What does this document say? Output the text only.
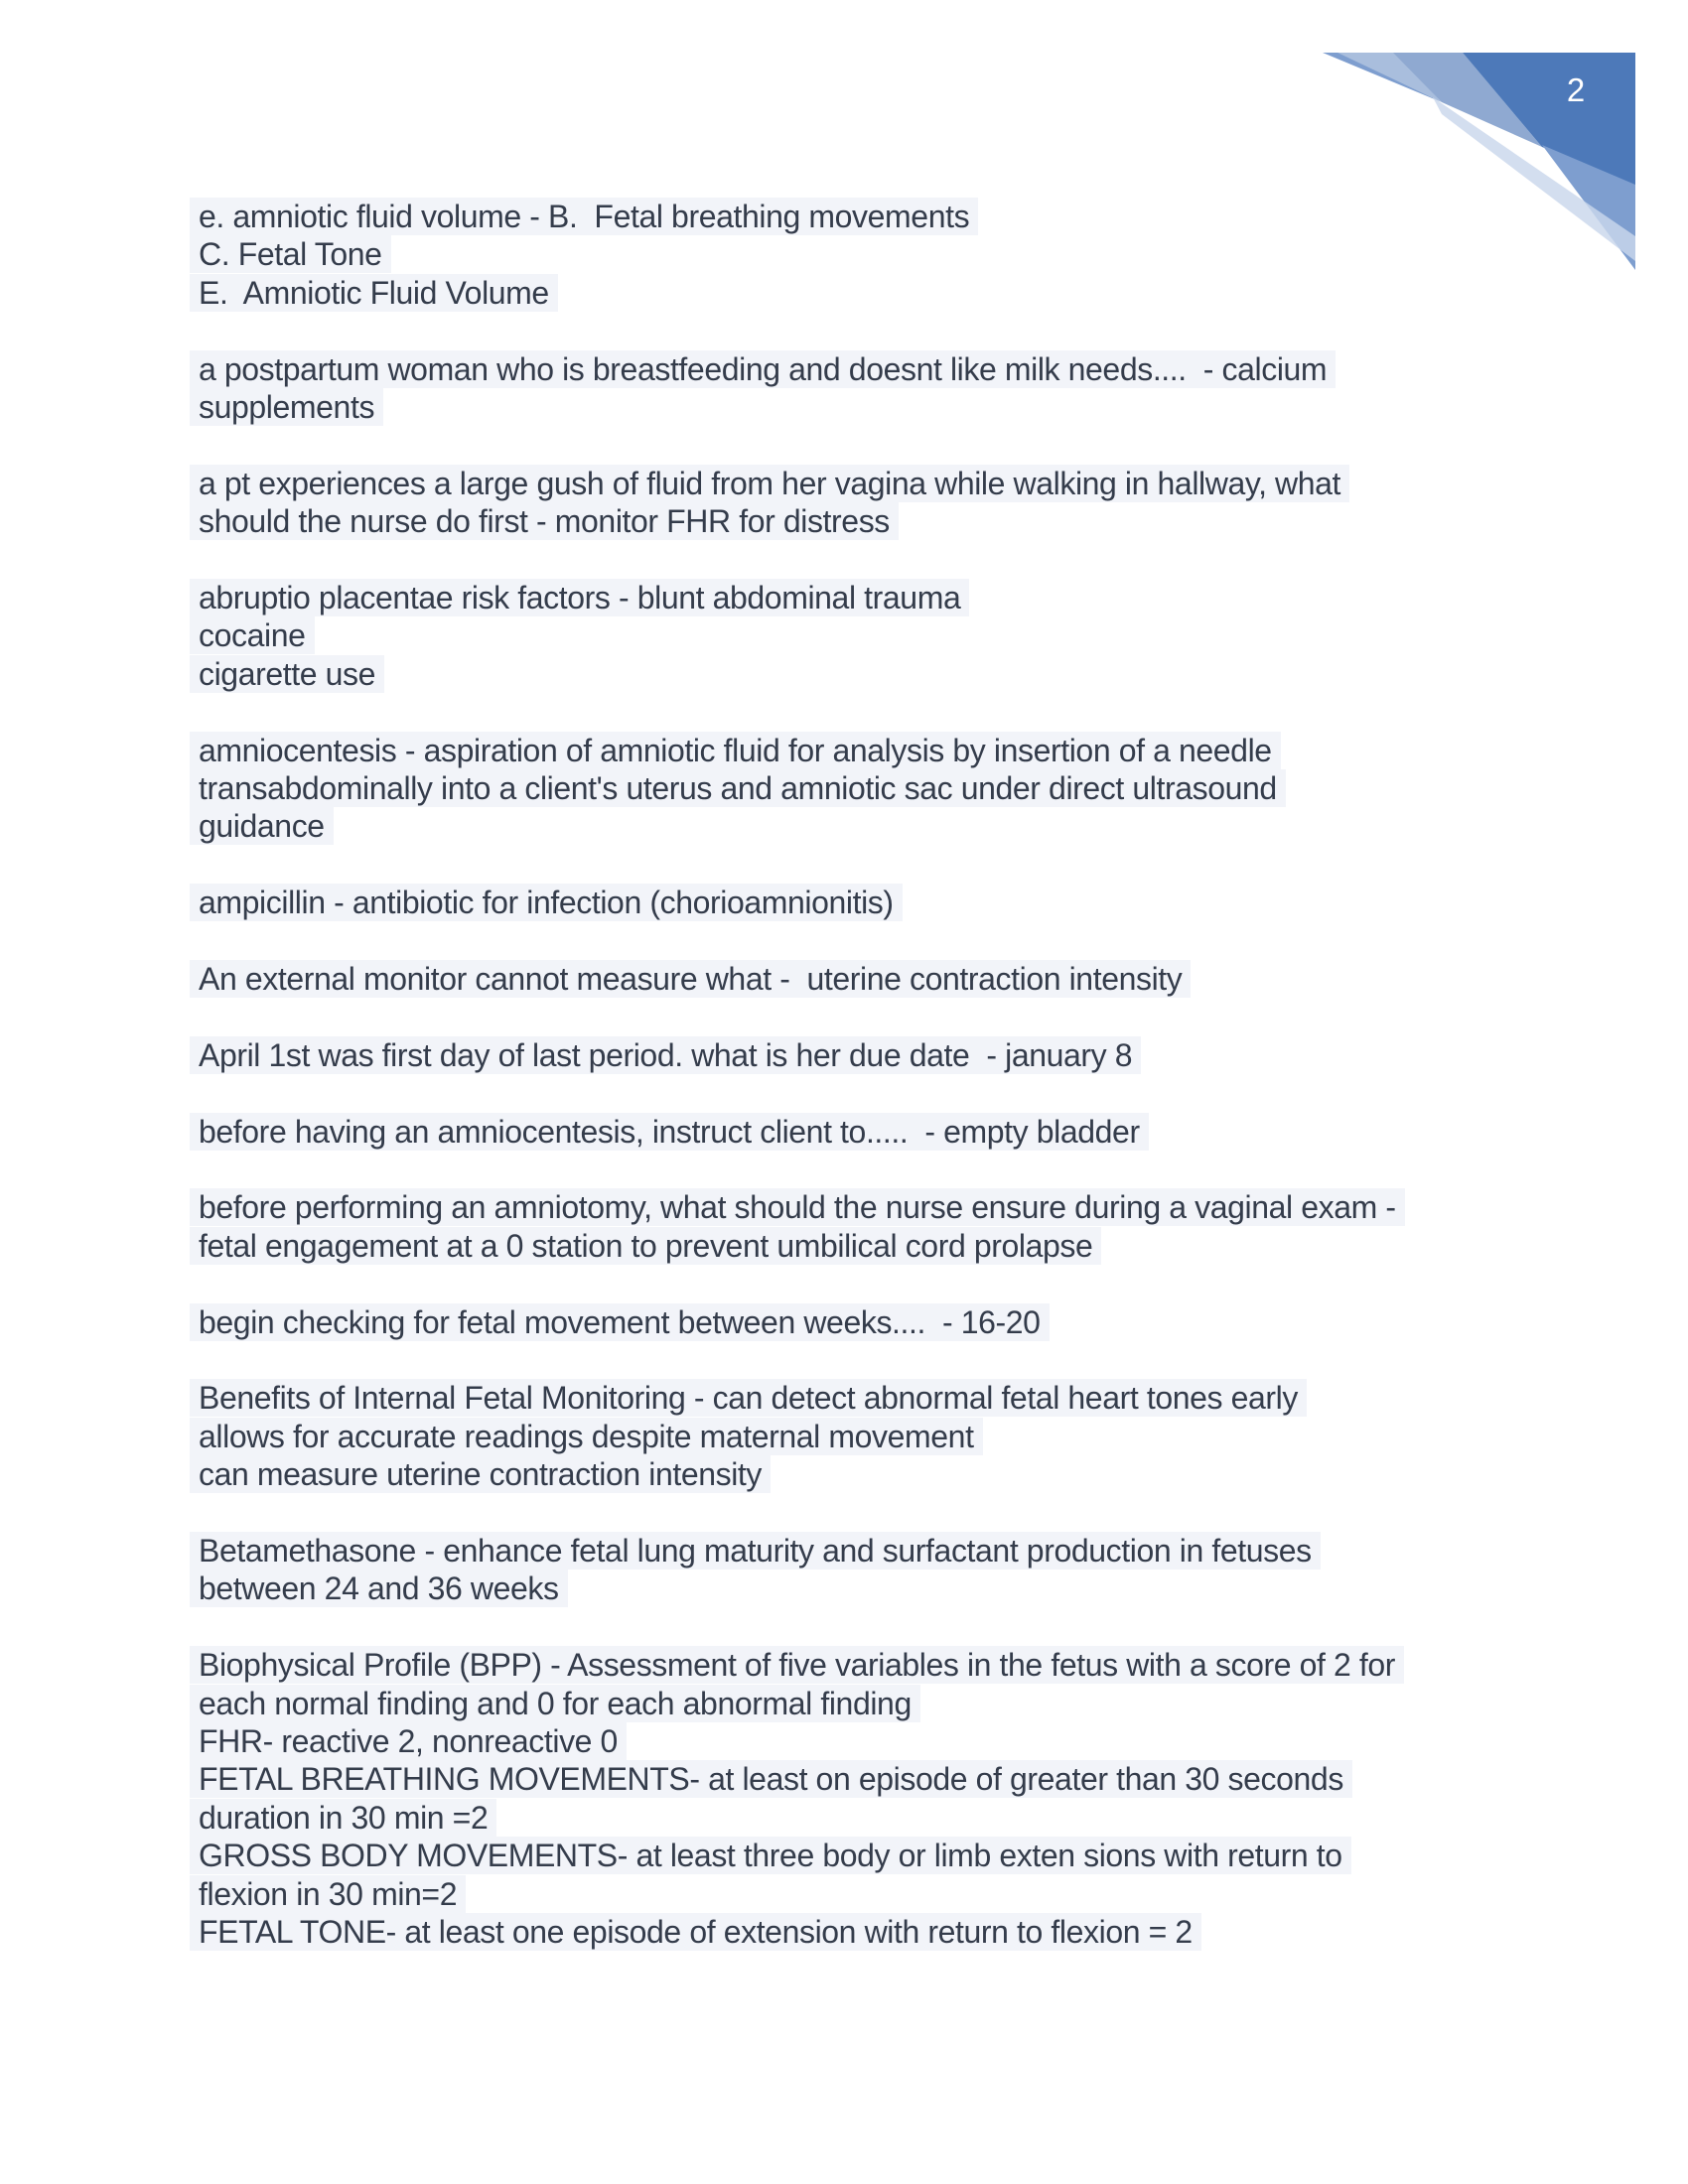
2

e. amniotic fluid volume - B.  Fetal breathing movements
C. Fetal Tone
E.  Amniotic Fluid Volume

a postpartum woman who is breastfeeding and doesnt like milk needs....  - calcium
supplements

a pt experiences a large gush of fluid from her vagina while walking in hallway, what
should the nurse do first - monitor FHR for distress

abruptio placentae risk factors - blunt abdominal trauma
cocaine
cigarette use

amniocentesis - aspiration of amniotic fluid for analysis by insertion of a needle
transabdominally into a client's uterus and amniotic sac under direct ultrasound
guidance

ampicillin - antibiotic for infection (chorioamnionitis)

An external monitor cannot measure what -  uterine contraction intensity

April 1st was first day of last period. what is her due date  - january 8

before having an amniocentesis, instruct client to.....  - empty bladder

before performing an amniotomy, what should the nurse ensure during a vaginal exam -
fetal engagement at a 0 station to prevent umbilical cord prolapse

begin checking for fetal movement between weeks....  - 16-20

Benefits of Internal Fetal Monitoring - can detect abnormal fetal heart tones early
allows for accurate readings despite maternal movement
can measure uterine contraction intensity

Betamethasone - enhance fetal lung maturity and surfactant production in fetuses
between 24 and 36 weeks

Biophysical Profile (BPP) - Assessment of five variables in the fetus with a score of 2 for
each normal finding and 0 for each abnormal finding
FHR- reactive 2, nonreactive 0
FETAL BREATHING MOVEMENTS- at least on episode of greater than 30 seconds
duration in 30 min =2
GROSS BODY MOVEMENTS- at least three body or limb exten sions with return to
flexion in 30 min=2
FETAL TONE- at least one episode of extension with return to flexion = 2
